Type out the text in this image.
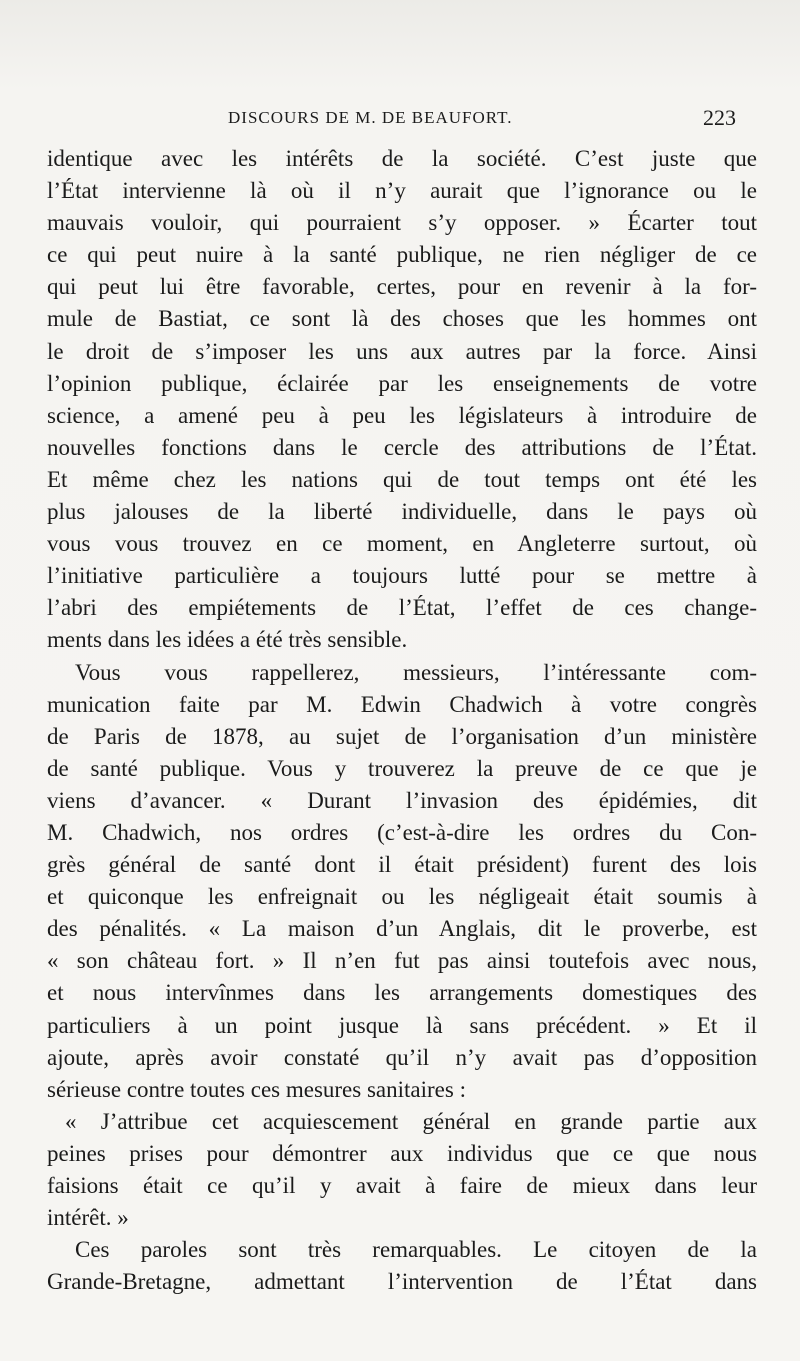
DISCOURS DE M. DE BEAUFORT.	223
identique avec les intérêts de la société. C’est juste que
l’État intervienne là où il n’y aurait que l’ignorance ou le
mauvais vouloir, qui pourraient s’y opposer. » Écarter tout
ce qui peut nuire à la santé publique, ne rien négliger de ce
qui peut lui être favorable, certes, pour en revenir à la for-
mule de Bastiat, ce sont là des choses que les hommes ont
le droit de s’imposer les uns aux autres par la force. Ainsi
l’opinion publique, éclairée par les enseignements de votre
science, a amené peu à peu les législateurs à introduire de
nouvelles fonctions dans le cercle des attributions de l’État.
Et même chez les nations qui de tout temps ont été les
plus jalouses de la liberté individuelle, dans le pays où
vous vous trouvez en ce moment, en Angleterre surtout, où
l’initiative particulière a toujours lutté pour se mettre à
l’abri des empiétements de l’État, l’effet de ces change-
ments dans les idées a été très sensible.
Vous vous rappellerez, messieurs, l’intéressante com-
munication faite par M. Edwin Chadwich à votre congrès
de Paris de 1878, au sujet de l’organisation d’un ministère
de santé publique. Vous y trouverez la preuve de ce que je
viens d’avancer. « Durant l’invasion des épidémies, dit
M. Chadwich, nos ordres (c’est-à-dire les ordres du Con-
grès général de santé dont il était président) furent des lois
et quiconque les enfreignait ou les négligeait était soumis à
des pénalités. « La maison d’un Anglais, dit le proverbe, est
« son château fort. » Il n’en fut pas ainsi toutefois avec nous,
et nous intervînmes dans les arrangements domestiques des
particuliers à un point jusque là sans précédent. » Et il
ajoute, après avoir constaté qu’il n’y avait pas d’opposition
sérieuse contre toutes ces mesures sanitaires :
« J’attribue cet acquiescement général en grande partie aux
peines prises pour démontrer aux individus que ce que nous
faisions était ce qu’il y avait à faire de mieux dans leur
intérêt. »
Ces paroles sont très remarquables. Le citoyen de la
Grande-Bretagne, admettant l’intervention de l’État dans
